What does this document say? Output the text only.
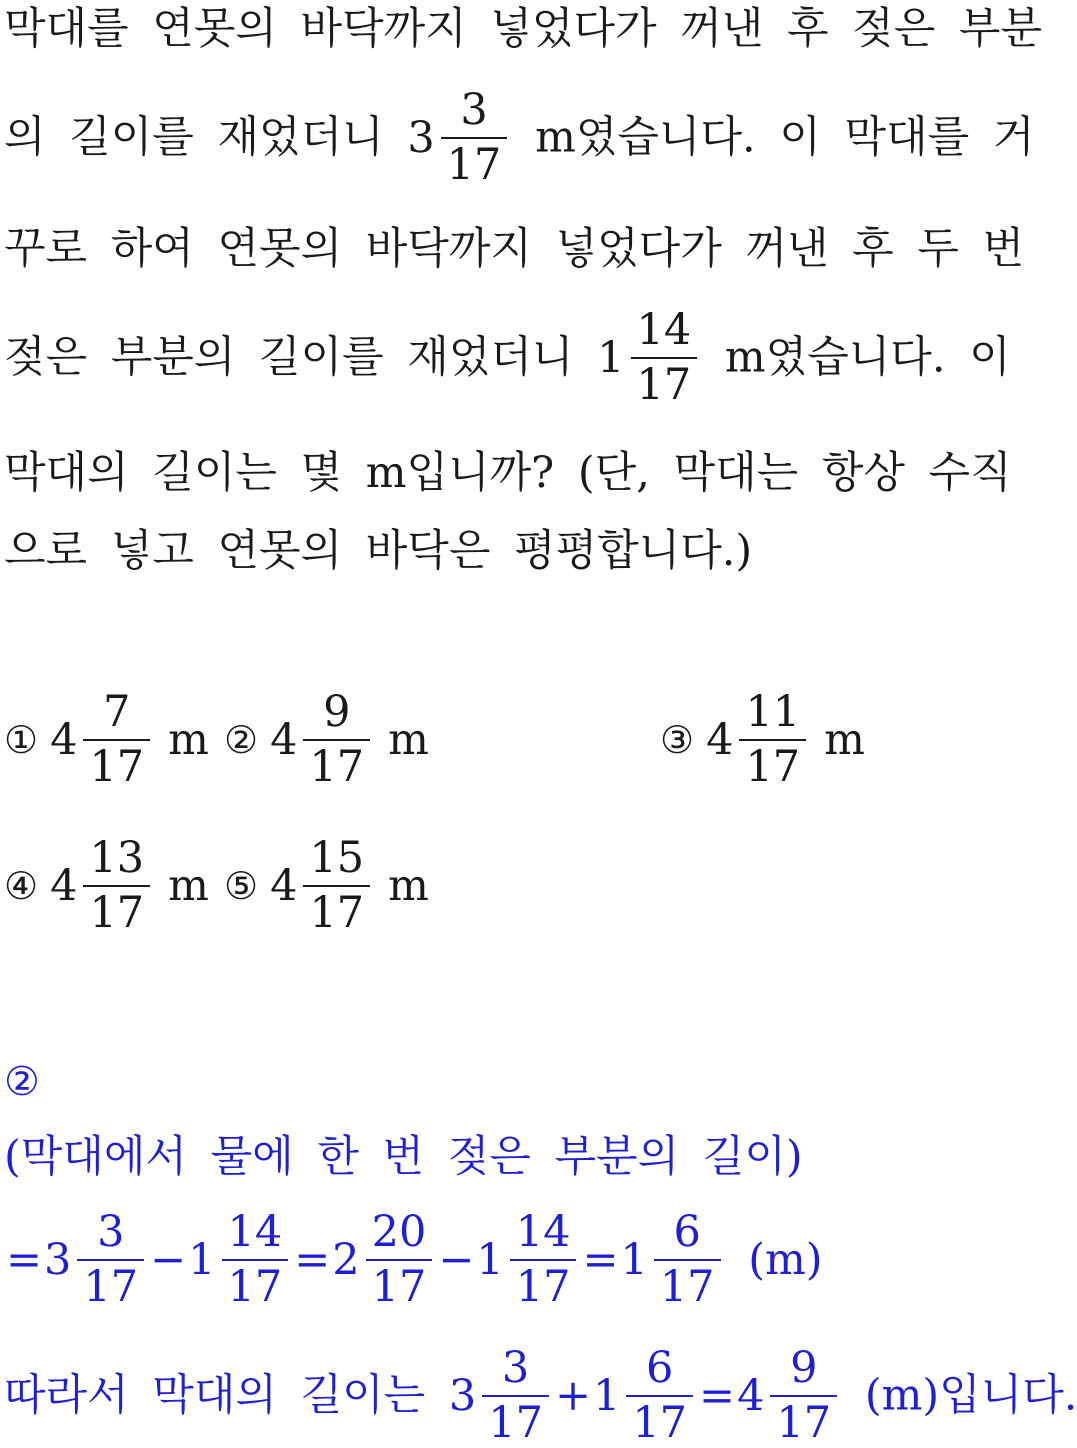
막대를 연못의 바닥까지 넣었다가 꺼낸 후 젖은 부분
의 길이를 재었더니 $3 \frac{3}{17}$ m였습니다. 이 막대를 거
꾸로 하여 연못의 바닥까지 넣었다가 꺼낸 후 두 번
젖은 부분의 길이를 재었더니 $1 \frac{14}{17}$ m였습니다. 이
막대의 길이는 몇 m입니까? (단, 막대는 항상 수직
으로 넣고 연못의 바닥은 평평합니다.)
① $4 \frac{7}{17}$ m ② $4 \frac{9}{17}$ m	③ $4 \frac{11}{17}$ m
④ $4 \frac{13}{17}$ m ⑤ $4 \frac{15}{17}$ m
②
(막대에서 물에 한 번 젖은 부분의 길이)
$=3 \frac{3}{17} -1 \frac{14}{17} =2 \frac{20}{17} -1 \frac{14}{17} =1 \frac{6}{17} (m)$
따라서 막대의 길이는 $3 \frac{3}{17} +1 \frac{6}{17} =4 \frac{9}{17} (m)$입니다.
